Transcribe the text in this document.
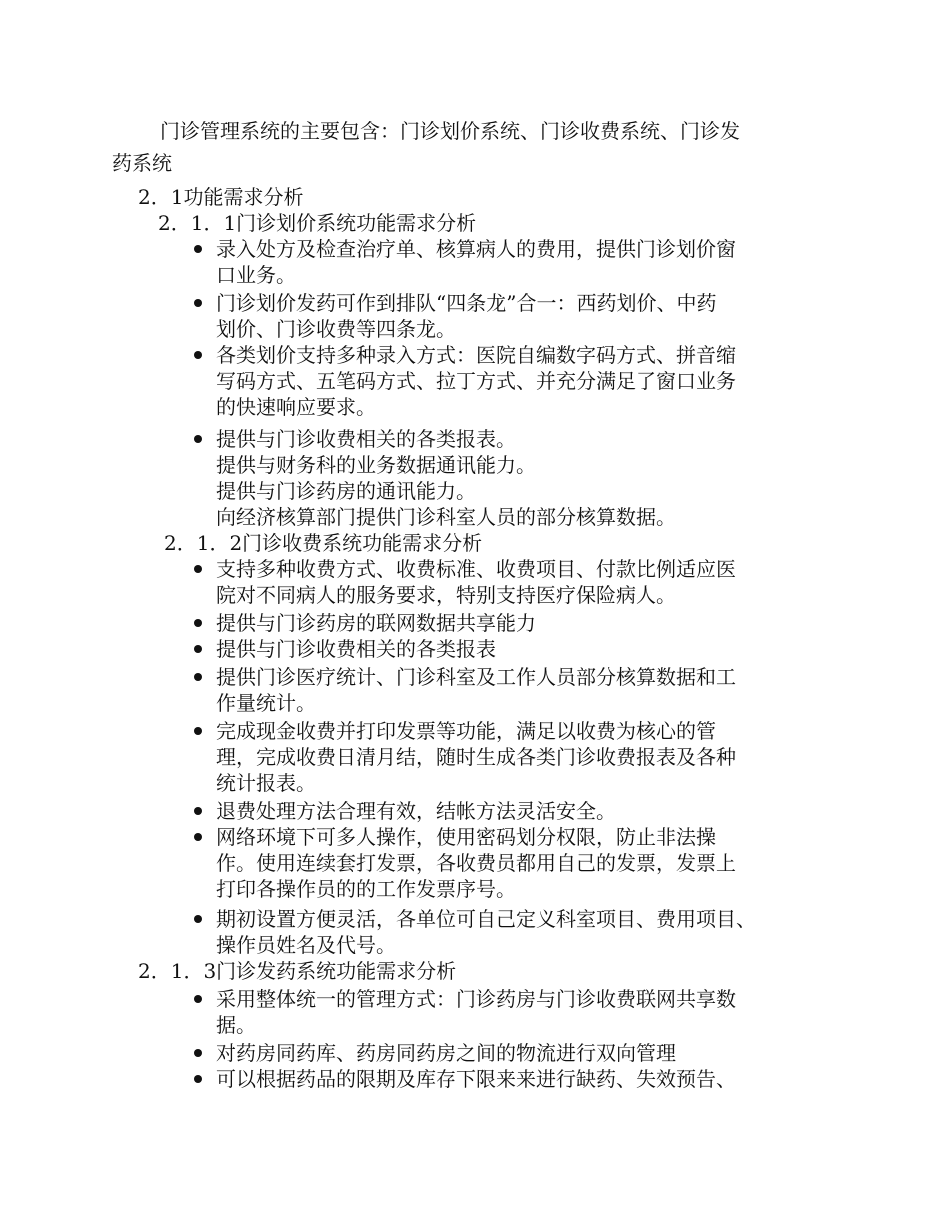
门诊管理系统的主要包含：门诊划价系统、门诊收费系统、门诊发
药系统
2．1功能需求分析
2．1．1门诊划价系统功能需求分析
录入处方及检查治疗单、核算病人的费用，提供门诊划价窗
口业务。
门诊划价发药可作到排队“四条龙”合一：西药划价、中药
划价、门诊收费等四条龙。
各类划价支持多种录入方式：医院自编数字码方式、拼音缩
写码方式、五笔码方式、拉丁方式、并充分满足了窗口业务
的快速响应要求。
提供与门诊收费相关的各类报表。
提供与财务科的业务数据通讯能力。
提供与门诊药房的通讯能力。
向经济核算部门提供门诊科室人员的部分核算数据。
2．1．2门诊收费系统功能需求分析
支持多种收费方式、收费标准、收费项目、付款比例适应医
院对不同病人的服务要求，特别支持医疗保险病人。
提供与门诊药房的联网数据共享能力
提供与门诊收费相关的各类报表
提供门诊医疗统计、门诊科室及工作人员部分核算数据和工
作量统计。
完成现金收费并打印发票等功能，满足以收费为核心的管
理，完成收费日清月结，随时生成各类门诊收费报表及各种
统计报表。
退费处理方法合理有效，结帐方法灵活安全。
网络环境下可多人操作，使用密码划分权限，防止非法操
作。使用连续套打发票，各收费员都用自己的发票，发票上
打印各操作员的的工作发票序号。
期初设置方便灵活，各单位可自己定义科室项目、费用项目、
操作员姓名及代号。
2．1．3门诊发药系统功能需求分析
采用整体统一的管理方式：门诊药房与门诊收费联网共享数
据。
对药房同药库、药房同药房之间的物流进行双向管理
可以根据药品的限期及库存下限来来进行缺药、失效预告、
